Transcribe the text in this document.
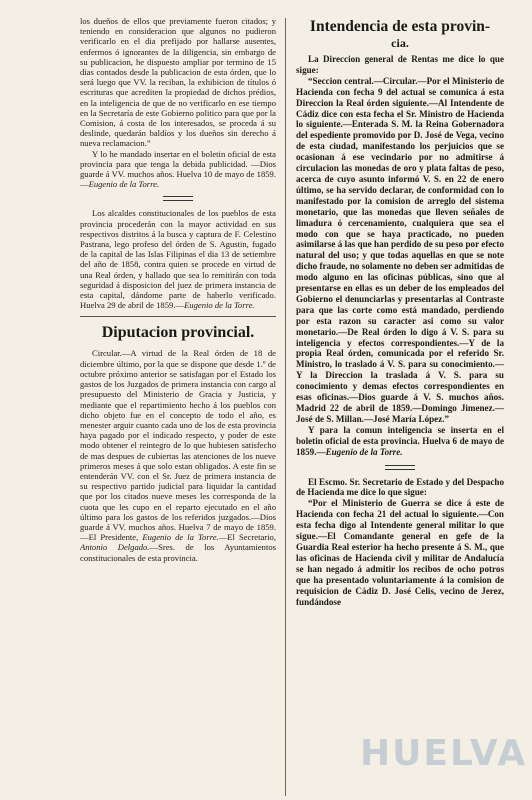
los dueños de ellos que previamente fueron citados; y teniendo en consideracion que algunos no pudieron verificarlo en el dia prefijado por hallarse ausentes, enfermos ó ignorantes de la diligencia, sin embargo de su publicacion, he dispuesto ampliar por termino de 15 dias contados desde la publicacion de esta órden, que lo será luego que VV. la reciban, la exhibicion de títulos ó escrituras que acrediten la propiedad de dichos prédios, en la inteligencia de que de no verificarlo en ese tiempo en la Secretaría de este Gobierno politico para que por la Comision, á costa de los interesados, se proceda á su deslinde, quedarán baldíos y los dueños sin derecho á nueva reclamacion.”

Y lo he mandado insertar en el boletin oficial de esta provincia para que tenga la debida publicidad. —Dios guarde á VV. muchos años. Huelva 10 de mayo de 1859.—Eugenio de la Torre.

Los alcaldes constitucionales de los pueblos de esta provincia procederán con la mayor actividad en sus respectivos distritos á la busca y captura de F. Celestino Pastrana, lego profeso del órden de S. Agustin, fugado de la capital de las Islas Filipinas el dia 13 de setiembre del año de 1858, contra quien se procede en virtud de una Real órden, y hallado que sea lo remitirán con toda seguridad á disposicion del juez de primera instancia de esta capital, dándome parte de haberlo verificado. Huelva 29 de abril de 1859.—Eugenio de la Torre.

Diputacion provincial.

Circular.—A virtud de la Real órden de 18 de diciembre último, por la que se dispone que desde 1.º de octubre próximo anterior se satisfagan por el Estado los gastos de los Juzgados de primera instancia con cargo al presupuesto del Ministerio de Gracia y Justicia, y mediante que el repartimiento hecho á los pueblos con dicho objeto fue en el concepto de todo el año, es menester arguir cuanto cada uno de los de esta provincia haya pagado por el indicado respecto, y poder de este modo obtener el reintegro de lo que hubiesen satisfecho de mas despues de cubiertas las atenciones de los nueve primeros meses á que solo estan obligados. A este fin se entenderán VV. con el Sr. Juez de primera instancia de su respectivo partido judicial para liquidar la cantidad que por los citados nueve meses les corresponda de la cuota que les cupo en el reparto ejecutado en el año último para los gastos de los referidos juzgados.—Dios guarde á VV. muchos años. Huelva 7 de mayo de 1859.—El Presidente, Eugenio de la Torre.—El Secretario, Antonio Delgado.—Sres. de los Ayuntamientos constitucionales de esta provincia.

Intendencia de esta provin-
cia.

La Direccion general de Rentas me dice lo que sigue:

“Seccion central.—Circular.—Por el Ministerio de Hacienda con fecha 9 del actual se comunica á esta Direccion la Real órden siguiente.—Al Intendente de Cádiz dice con esta fecha el Sr. Ministro de Hacienda lo siguiente.—Enterada S. M. la Reina Gobernadora del espediente promovido por D. José de Vega, vecino de esta ciudad, manifestando los perjuicios que se ocasionan á ese vecindario por no admitirse á circulacion las monedas de oro y plata faltas de peso, acerca de cuyo asunto informó V. S. en 22 de enero último, se ha servido declarar, de conformidad con lo manifestado por la comision de arreglo del sistema monetario, que las monedas que lleven señales de limadura ó cercenamiento, cualquiera que sea el modo con que se haya practicado, no pueden asimilarse á las que han perdido de su peso por efecto natural del uso; y que todas aquellas en que se note dicho fraude, no solamente no deben ser admitidas de modo alguno en las oficinas públicas, sino que al presentarse en ellas es un deber de los empleados del Gobierno el denunciarlas y presentarlas al Contraste para que las corte como está mandado, perdiendo por esta razon su caracter asi como su valor monetario.—De Real órden lo digo á V. S. para su inteligencia y efectos correspondientes.—Y de la propia Real órden, comunicada por el referido Sr. Ministro, lo traslado á V. S. para su conocimiento.—Y la Direccion la traslada á V. S. para su conocimiento y demas efectos correspondientes en esas oficinas.—Dios guarde á V. S. muchos años. Madrid 22 de abril de 1859.—Domingo Jimenez.—José de S. Millan.—José María López.”

Y para la comun inteligencia se inserta en el boletin oficial de esta provincia. Huelva 6 de mayo de 1859.—Eugenio de la Torre.

El Escmo. Sr. Secretario de Estado y del Despacho de Hacienda me dice lo que sigue:

“Por el Ministerio de Guerra se dice á este de Hacienda con fecha 21 del actual lo siguiente.—Con esta fecha digo al Intendente general militar lo que sigue.—El Comandante general en gefe de la Guardia Real esterior ha hecho presente á S. M., que las oficinas de Hacienda civil y militar de Andalucía se han negado á admitir los recibos de ocho potros que ha presentado voluntariamente á la comision de requisicion de Cádiz D. José Celis, vecino de Jerez, fundándose

HUELVA
